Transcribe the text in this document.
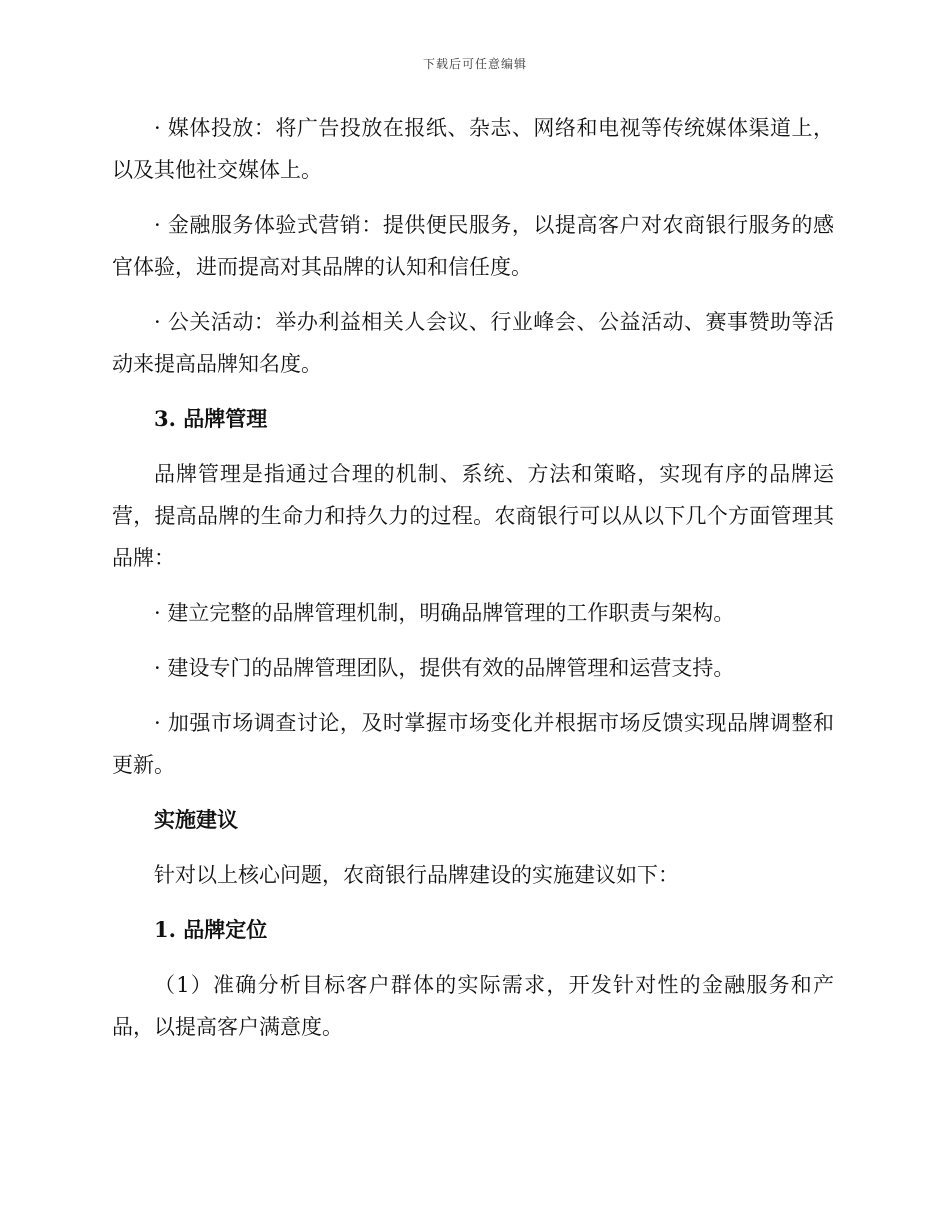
下载后可任意编辑

· 媒体投放：将广告投放在报纸、杂志、网络和电视等传统媒体渠道上，以及其他社交媒体上。

· 金融服务体验式营销：提供便民服务，以提高客户对农商银行服务的感官体验，进而提高对其品牌的认知和信任度。

· 公关活动：举办利益相关人会议、行业峰会、公益活动、赛事赞助等活动来提高品牌知名度。

3. 品牌管理

品牌管理是指通过合理的机制、系统、方法和策略，实现有序的品牌运营，提高品牌的生命力和持久力的过程。农商银行可以从以下几个方面管理其品牌：

· 建立完整的品牌管理机制，明确品牌管理的工作职责与架构。

· 建设专门的品牌管理团队，提供有效的品牌管理和运营支持。

· 加强市场调查讨论，及时掌握市场变化并根据市场反馈实现品牌调整和更新。

实施建议

针对以上核心问题，农商银行品牌建设的实施建议如下：

1. 品牌定位

（1）准确分析目标客户群体的实际需求，开发针对性的金融服务和产品，以提高客户满意度。
